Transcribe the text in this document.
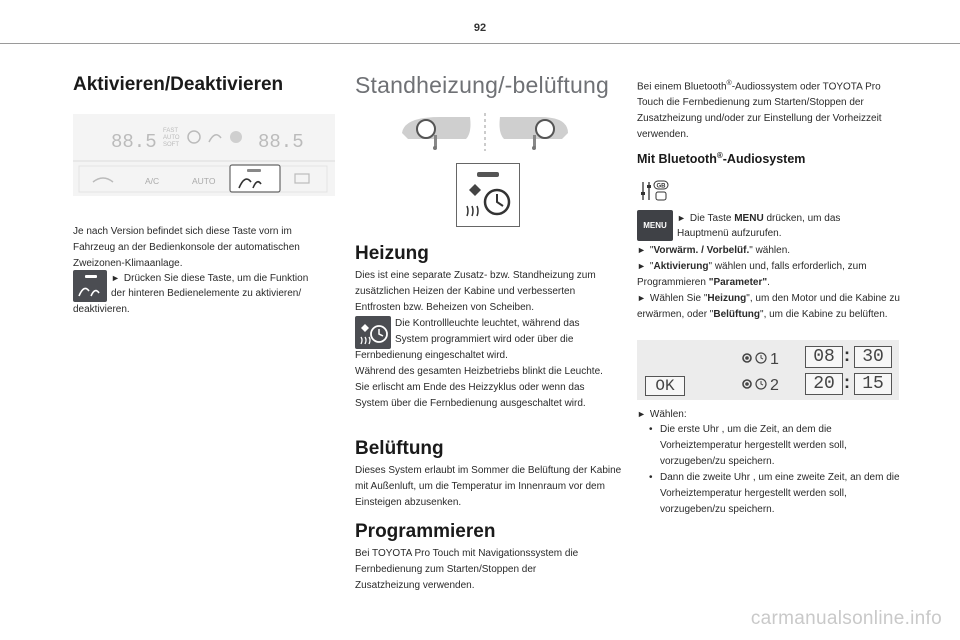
92
Aktivieren/Deaktivieren
88.5 FAST
AUTO
SOFT	88.5
A/C	AUTO
Je nach Version befindet sich diese Taste vorn im Fahrzeug an der Bedienkonsole der automatischen Zweizonen-Klimaanlage.
► Drücken Sie diese Taste, um die Funktion
der hinteren Bedienelemente zu aktivieren/
deaktivieren.
Standheizung/-belüftung
Heizung
Dies ist eine separate Zusatz- bzw. Standheizung zum zusätzlichen Heizen der Kabine und verbesserten Entfrosten bzw. Beheizen von Scheiben.
Die Kontrollleuchte leuchtet, während das
System programmiert wird oder über die
Fernbedienung eingeschaltet wird.
Während des gesamten Heizbetriebs blinkt die Leuchte. Sie erlischt am Ende des Heizzyklus oder wenn das System über die Fernbedienung ausgeschaltet wird.
Belüftung
Dieses System erlaubt im Sommer die Belüftung der Kabine mit Außenluft, um die Temperatur im Innenraum vor dem Einsteigen abzusenken.
Programmieren
Bei TOYOTA Pro Touch mit Navigationssystem die Fernbedienung zum Starten/Stoppen der Zusatzheizung verwenden.
Bei einem Bluetooth®-Audiossystem oder TOYOTA Pro Touch die Fernbedienung zum Starten/Stoppen der Zusatzheizung und/oder zur Einstellung der Vorheizzeit verwenden.
Mit Bluetooth®-Audiosystem
GB
MENU
► Die Taste MENU drücken, um das
Hauptmenü aufzurufen.
► "Vorwärm. / Vorbelüf." wählen.
► "Aktivierung" wählen und, falls erforderlich, zum
Programmieren "Parameter".
► Wählen Sie "Heizung", um den Motor und die Kabine zu erwärmen, oder "Belüftung", um die Kabine zu belüften.
OK
1
2
08 : 30
20 : 15
► Wählen:
• Die erste Uhr , um die Zeit, an dem die Vorheiztemperatur hergestellt werden soll, vorzugeben/zu speichern.
• Dann die zweite Uhr , um eine zweite Zeit, an dem die Vorheiztemperatur hergestellt werden soll, vorzugeben/zu speichern.
carmanualsonline.info
